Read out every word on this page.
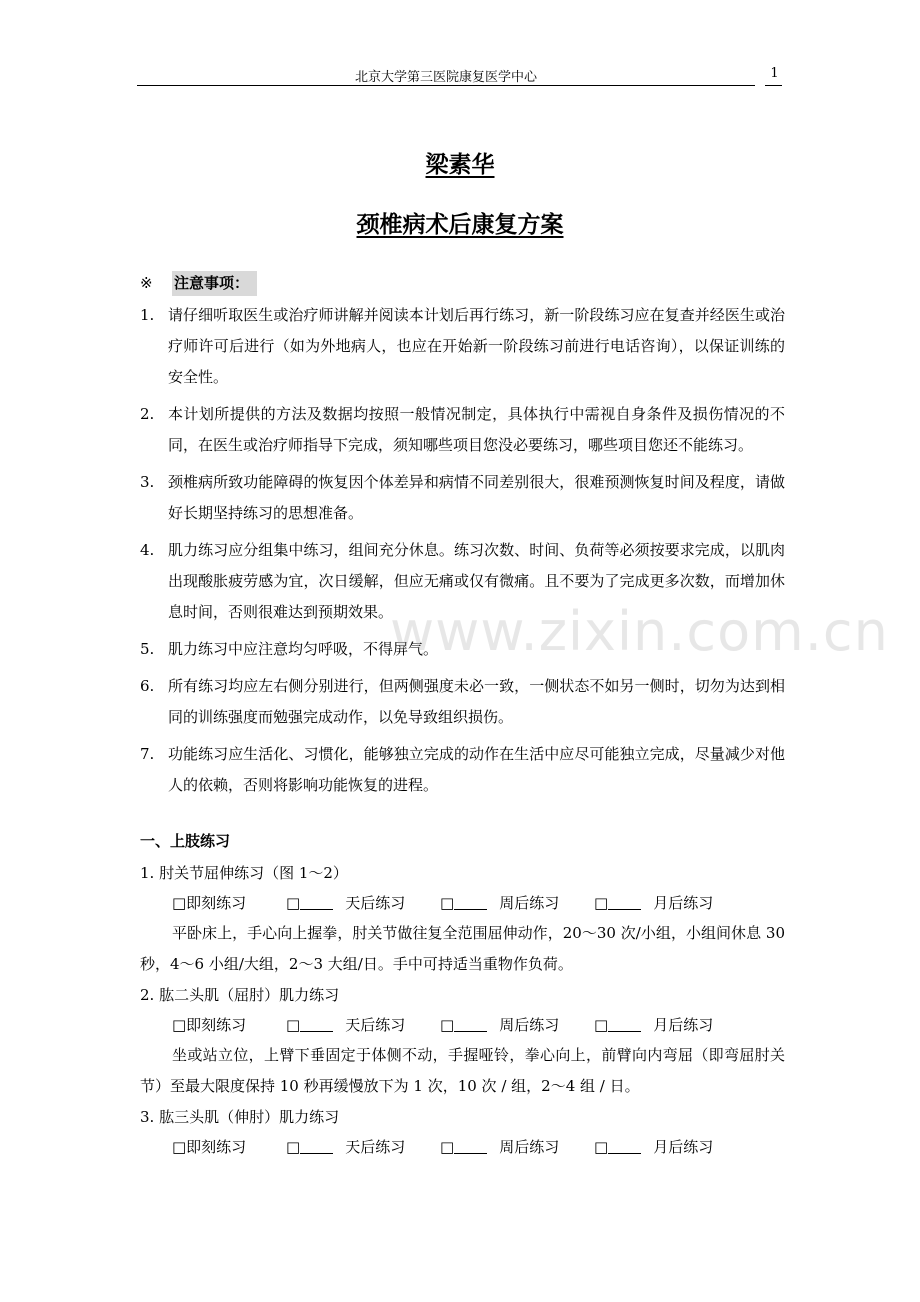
北京大学第三医院康复医学中心	1
梁素华
颈椎病术后康复方案
※ 注意事项：
1. 请仔细听取医生或治疗师讲解并阅读本计划后再行练习，新一阶段练习应在复查并经医生或治疗师许可后进行（如为外地病人，也应在开始新一阶段练习前进行电话咨询），以保证训练的安全性。
2. 本计划所提供的方法及数据均按照一般情况制定，具体执行中需视自身条件及损伤情况的不同，在医生或治疗师指导下完成，须知哪些项目您没必要练习，哪些项目您还不能练习。
3. 颈椎病所致功能障碍的恢复因个体差异和病情不同差别很大，很难预测恢复时间及程度，请做好长期坚持练习的思想准备。
4. 肌力练习应分组集中练习，组间充分休息。练习次数、时间、负荷等必须按要求完成，以肌肉出现酸胀疲劳感为宜，次日缓解，但应无痛或仅有微痛。且不要为了完成更多次数，而增加休息时间，否则很难达到预期效果。
5. 肌力练习中应注意均匀呼吸，不得屏气。
6. 所有练习均应左右侧分别进行，但两侧强度未必一致，一侧状态不如另一侧时，切勿为达到相同的训练强度而勉强完成动作，以免导致组织损伤。
7. 功能练习应生活化、习惯化，能够独立完成的动作在生活中应尽可能独立完成，尽量减少对他人的依赖，否则将影响功能恢复的进程。
一、上肢练习
1. 肘关节屈伸练习（图 1～2）
□即刻练习	□	天后练习 □	周后练习 □	月后练习
平卧床上，手心向上握拳，肘关节做往复全范围屈伸动作，20～30 次/小组，小组间休息 30 秒，4～6 小组/大组，2～3 大组/日。手中可持适当重物作负荷。
2. 肱二头肌（屈肘）肌力练习
□即刻练习	□	天后练习 □	周后练习 □	月后练习
坐或站立位，上臂下垂固定于体侧不动，手握哑铃，拳心向上，前臂向内弯屈（即弯屈肘关节）至最大限度保持 10 秒再缓慢放下为 1 次，10 次 / 组，2～4 组 / 日。
3. 肱三头肌（伸肘）肌力练习
□即刻练习	□	天后练习 □	周后练习 □	月后练习
www.zixin.com.cn
